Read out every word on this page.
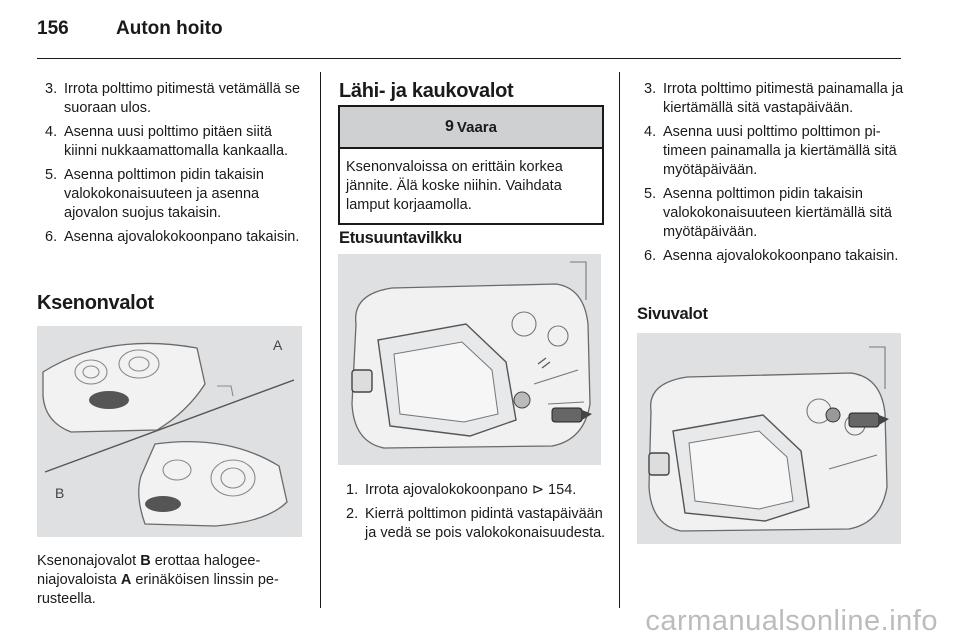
156 Auton hoito
3. Irrota polttimo pitimestä vetämällä se suoraan ulos.
4. Asenna uusi polttimo pitäen siitä kiinni nukkaamattomalla kankaalla.
5. Asenna polttimon pidin takaisin valokokonaisuuteen ja asenna ajovalon suojus takaisin.
6. Asenna ajovalokokoonpano takaisin.
Ksenonvalot
A
B
Ksenonajovalot B erottaa halogeeniajovaloista A erinäköisen linssin perusteella.
Lähi- ja kaukovalot
9 Vaara
Ksenonvaloissa on erittäin korkea jännite. Älä koske niihin. Vaihdata lamput korjaamolla.
Etusuuntavilkku
1. Irrota ajovalokokoonpano ⊳ 154.
2. Kierrä polttimon pidintä vastapäivään ja vedä se pois valokokonaisuudesta.
3. Irrota polttimo pitimestä painamalla ja kiertämällä sitä vastapäivään.
4. Asenna uusi polttimo polttimon pitimeen painamalla ja kiertämällä sitä myötäpäivään.
5. Asenna polttimon pidin takaisin valokokonaisuuteen kiertämällä sitä myötäpäivään.
6. Asenna ajovalokokoonpano takaisin.
Sivuvalot
carmanualsonline.info
